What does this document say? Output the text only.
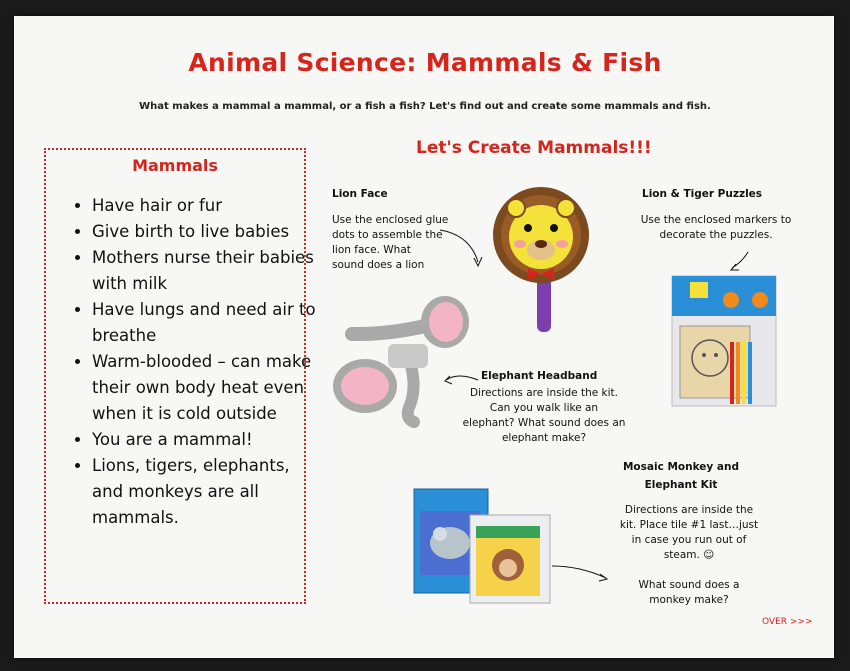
Animal Science: Mammals & Fish
What makes a mammal a mammal, or a fish a fish? Let's find out and create some mammals and fish.
Mammals
• Have hair or fur
• Give birth to live babies
• Mothers nurse their babies with milk
• Have lungs and need air to breathe
• Warm-blooded – can make their own body heat even when it is cold outside
• You are a mammal!
• Lions, tigers, elephants, and monkeys are all mammals.
Let's Create Mammals!!!
Lion Face
Use the enclosed glue
dots to assemble the
lion face. What
sound does a lion
Lion & Tiger Puzzles
Use the enclosed markers to
decorate the puzzles.
Elephant Headband
Directions are inside the kit.
Can you walk like an
elephant? What sound does an
elephant make?
Mosaic Monkey and
Elephant Kit
Directions are inside the
kit. Place tile #1 last…just
in case you run out of
steam. ☺
What sound does a
monkey make?
OVER >>>
